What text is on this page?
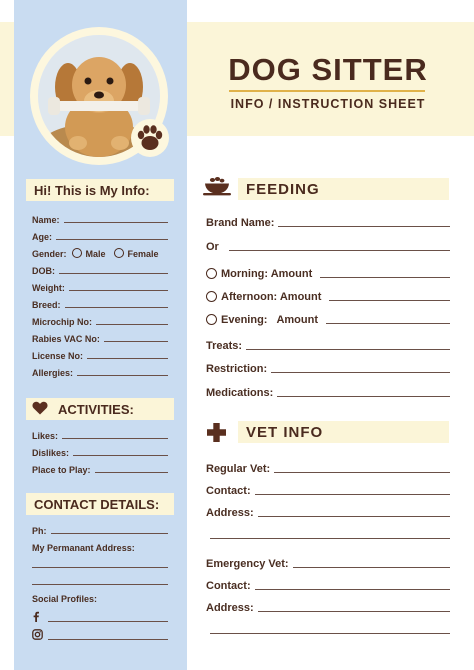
DOG SITTER
INFO / INSTRUCTION SHEET
Hi! This is My Info:
Name:
Age:
Gender: Male Female
DOB:
Weight:
Breed:
Microchip No:
Rabies VAC No:
License No:
Allergies:
ACTIVITIES:
Likes:
Dislikes:
Place to Play:
CONTACT DETAILS:
Ph:
My Permanant Address:
Social Profiles:
FEEDING
Brand Name:
Or
Morning: Amount
Afternoon: Amount
Evening: Amount
Treats:
Restriction:
Medications:
VET INFO
Regular Vet:
Contact:
Address:
Emergency Vet:
Contact:
Address:
